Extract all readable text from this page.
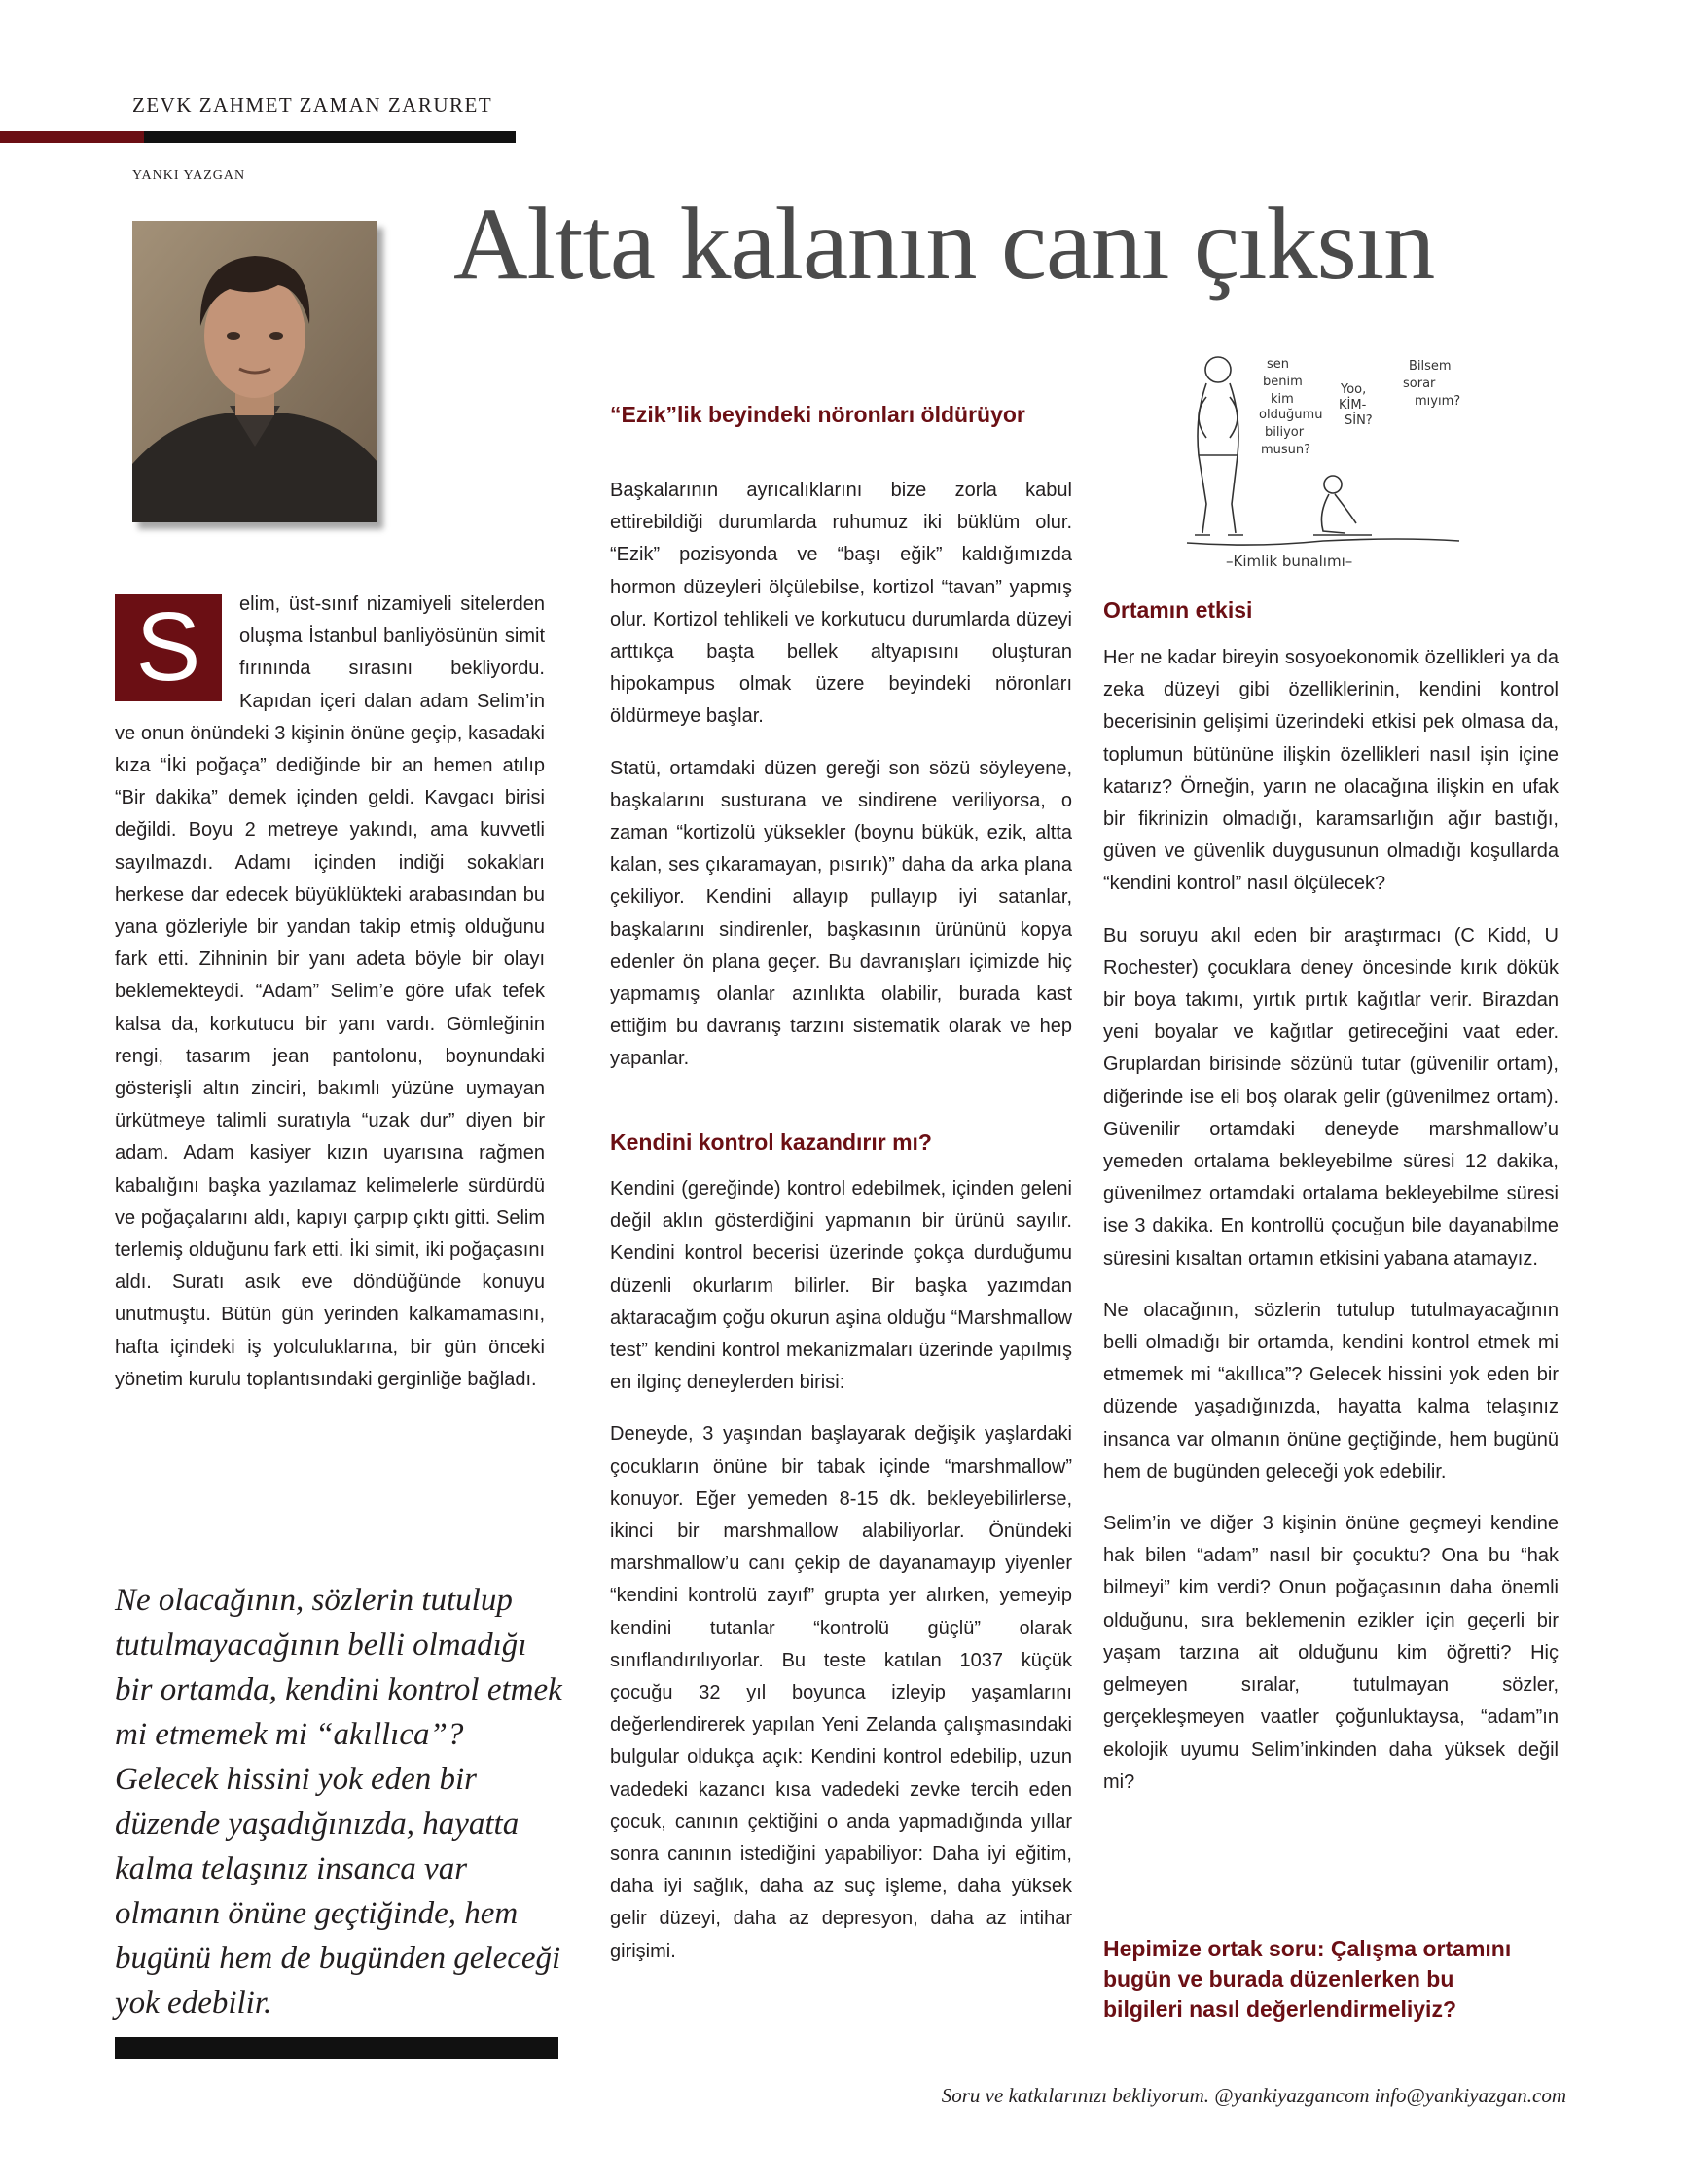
ZEVK ZAHMET ZAMAN ZARURET
YANKI YAZGAN
Altta kalanın canı çıksın
sen
benim
kim
olduğumu
biliyor
musun?
Yoo,
KİM-
SİN?
Bilsem
sorar
mıyım?
–Kimlik bunalımı–

S	elim, üst-sınıf nizamiyeli sitelerden oluşma İstanbul banliyösünün simit fırınında sırasını bekliyordu. Kapıdan içeri dalan adam Selim’in ve onun önündeki 3 kişinin önüne geçip, kasadaki kıza “İki poğaça” dediğinde bir an hemen atılıp “Bir dakika” demek içinden geldi. Kavgacı birisi değildi. Boyu 2 metreye yakındı, ama kuvvetli sayılmazdı. Adamı içinden indiği sokakları herkese dar edecek büyüklükteki arabasından bu yana gözleriyle bir yandan takip etmiş olduğunu fark etti. Zihninin bir yanı adeta böyle bir olayı beklemekteydi. “Adam” Selim’e göre ufak tefek kalsa da, korkutucu bir yanı vardı. Gömleğinin rengi, tasarım jean pantolonu, boynundaki gösterişli altın zinciri, bakımlı yüzüne uymayan ürkütmeye talimli suratıyla “uzak dur” diyen bir adam. Adam kasiyer kızın uyarısına rağmen kabalığını başka yazılamaz kelimelerle sürdürdü ve poğaçalarını aldı, kapıyı çarpıp çıktı gitti. Selim terlemiş olduğunu fark etti. İki simit, iki poğaçasını aldı. Suratı asık eve döndüğünde konuyu unutmuştu. Bütün gün yerinden kalkamamasını, hafta içindeki iş yolculuklarına, bir gün önceki yönetim kurulu toplantısındaki gerginliğe bağladı.

Ne olacağının, sözlerin tutulup tutulmayacağının belli olmadığı bir ortamda, kendini kontrol etmek mi etmemek mi “akıllıca”? Gelecek hissini yok eden bir düzende yaşadığınızda, hayatta kalma telaşınız insanca var olmanın önüne geçtiğinde, hem bugünü hem de bugünden geleceği yok edebilir.

“Ezik”lik beyindeki nöronları öldürüyor

Başkalarının ayrıcalıklarını bize zorla kabul ettirebildiği durumlarda ruhumuz iki büklüm olur. “Ezik” pozisyonda ve “başı eğik” kaldığımızda hormon düzeyleri ölçülebilse, kortizol “tavan” yapmış olur. Kortizol tehlikeli ve korkutucu durumlarda düzeyi arttıkça başta bellek altyapısını oluşturan hipokampus olmak üzere beyindeki nöronları öldürmeye başlar.

Statü, ortamdaki düzen gereği son sözü söyleyene, başkalarını susturana ve sindirene veriliyorsa, o zaman “kortizolü yüksekler (boynu bükük, ezik, altta kalan, ses çıkaramayan, pısırık)” daha da arka plana çekiliyor. Kendini allayıp pullayıp iyi satanlar, başkalarını sindirenler, başkasının ürününü kopya edenler ön plana geçer. Bu davranışları içimizde hiç yapmamış olanlar azınlıkta olabilir, burada kast ettiğim bu davranış tarzını sistematik olarak ve hep yapanlar.

Kendini kontrol kazandırır mı?

Kendini (gereğinde) kontrol edebilmek, içinden geleni değil aklın gösterdiğini yapmanın bir ürünü sayılır. Kendini kontrol becerisi üzerinde çokça durduğumu düzenli okurlarım bilirler. Bir başka yazımdan aktaracağım çoğu okurun aşina olduğu “Marshmallow test” kendini kontrol mekanizmaları üzerinde yapılmış en ilginç deneylerden birisi:

Deneyde, 3 yaşından başlayarak değişik yaşlardaki çocukların önüne bir tabak içinde “marshmallow” konuyor. Eğer yemeden 8-15 dk. bekleyebilirlerse, ikinci bir marshmallow alabiliyorlar. Önündeki marshmallow’u canı çekip de dayanamayıp yiyenler “kendini kontrolü zayıf” grupta yer alırken, yemeyip kendini tutanlar “kontrolü güçlü” olarak sınıflandırılıyorlar. Bu teste katılan 1037 küçük çocuğu 32 yıl boyunca izleyip yaşamlarını değerlendirerek yapılan Yeni Zelanda çalışmasındaki bulgular oldukça açık: Kendini kontrol edebilip, uzun vadedeki kazancı kısa vadedeki zevke tercih eden çocuk, canının çektiğini o anda yapmadığında yıllar sonra canının istediğini yapabiliyor: Daha iyi eğitim, daha iyi sağlık, daha az suç işleme, daha yüksek gelir düzeyi, daha az depresyon, daha az intihar girişimi.

Ortamın etkisi

Her ne kadar bireyin sosyoekonomik özellikleri ya da zeka düzeyi gibi özelliklerinin, kendini kontrol becerisinin gelişimi üzerindeki etkisi pek olmasa da, toplumun bütününe ilişkin özellikleri nasıl işin içine katarız? Örneğin, yarın ne olacağına ilişkin en ufak bir fikrinizin olmadığı, karamsarlığın ağır bastığı, güven ve güvenlik duygusunun olmadığı koşullarda “kendini kontrol” nasıl ölçülecek?

Bu soruyu akıl eden bir araştırmacı (C Kidd, U Rochester) çocuklara deney öncesinde kırık dökük bir boya takımı, yırtık pırtık kağıtlar verir. Birazdan yeni boyalar ve kağıtlar getireceğini vaat eder. Gruplardan birisinde sözünü tutar (güvenilir ortam), diğerinde ise eli boş olarak gelir (güvenilmez ortam). Güvenilir ortamdaki deneyde marshmallow’u yemeden ortalama bekleyebilme süresi 12 dakika, güvenilmez ortamdaki ortalama bekleyebilme süresi ise 3 dakika. En kontrollü çocuğun bile dayanabilme süresini kısaltan ortamın etkisini yabana atamayız.

Ne olacağının, sözlerin tutulup tutulmayacağının belli olmadığı bir ortamda, kendini kontrol etmek mi etmemek mi “akıllıca”? Gelecek hissini yok eden bir düzende yaşadığınızda, hayatta kalma telaşınız insanca var olmanın önüne geçtiğinde, hem bugünü hem de bugünden geleceği yok edebilir.

Selim’in ve diğer 3 kişinin önüne geçmeyi kendine hak bilen “adam” nasıl bir çocuktu? Ona bu “hak bilmeyi” kim verdi? Onun poğaçasının daha önemli olduğunu, sıra beklemenin ezikler için geçerli bir yaşam tarzına ait olduğunu kim öğretti? Hiç gelmeyen sıralar, tutulmayan sözler, gerçekleşmeyen vaatler çoğunluktaysa, “adam”ın ekolojik uyumu Selim’inkinden daha yüksek değil mi?

Hepimize ortak soru: Çalışma ortamını bugün ve burada düzenlerken bu bilgileri nasıl değerlendirmeliyiz?
Soru ve katkılarınızı bekliyorum. @yankiyazgancom info@yankiyazgan.com
